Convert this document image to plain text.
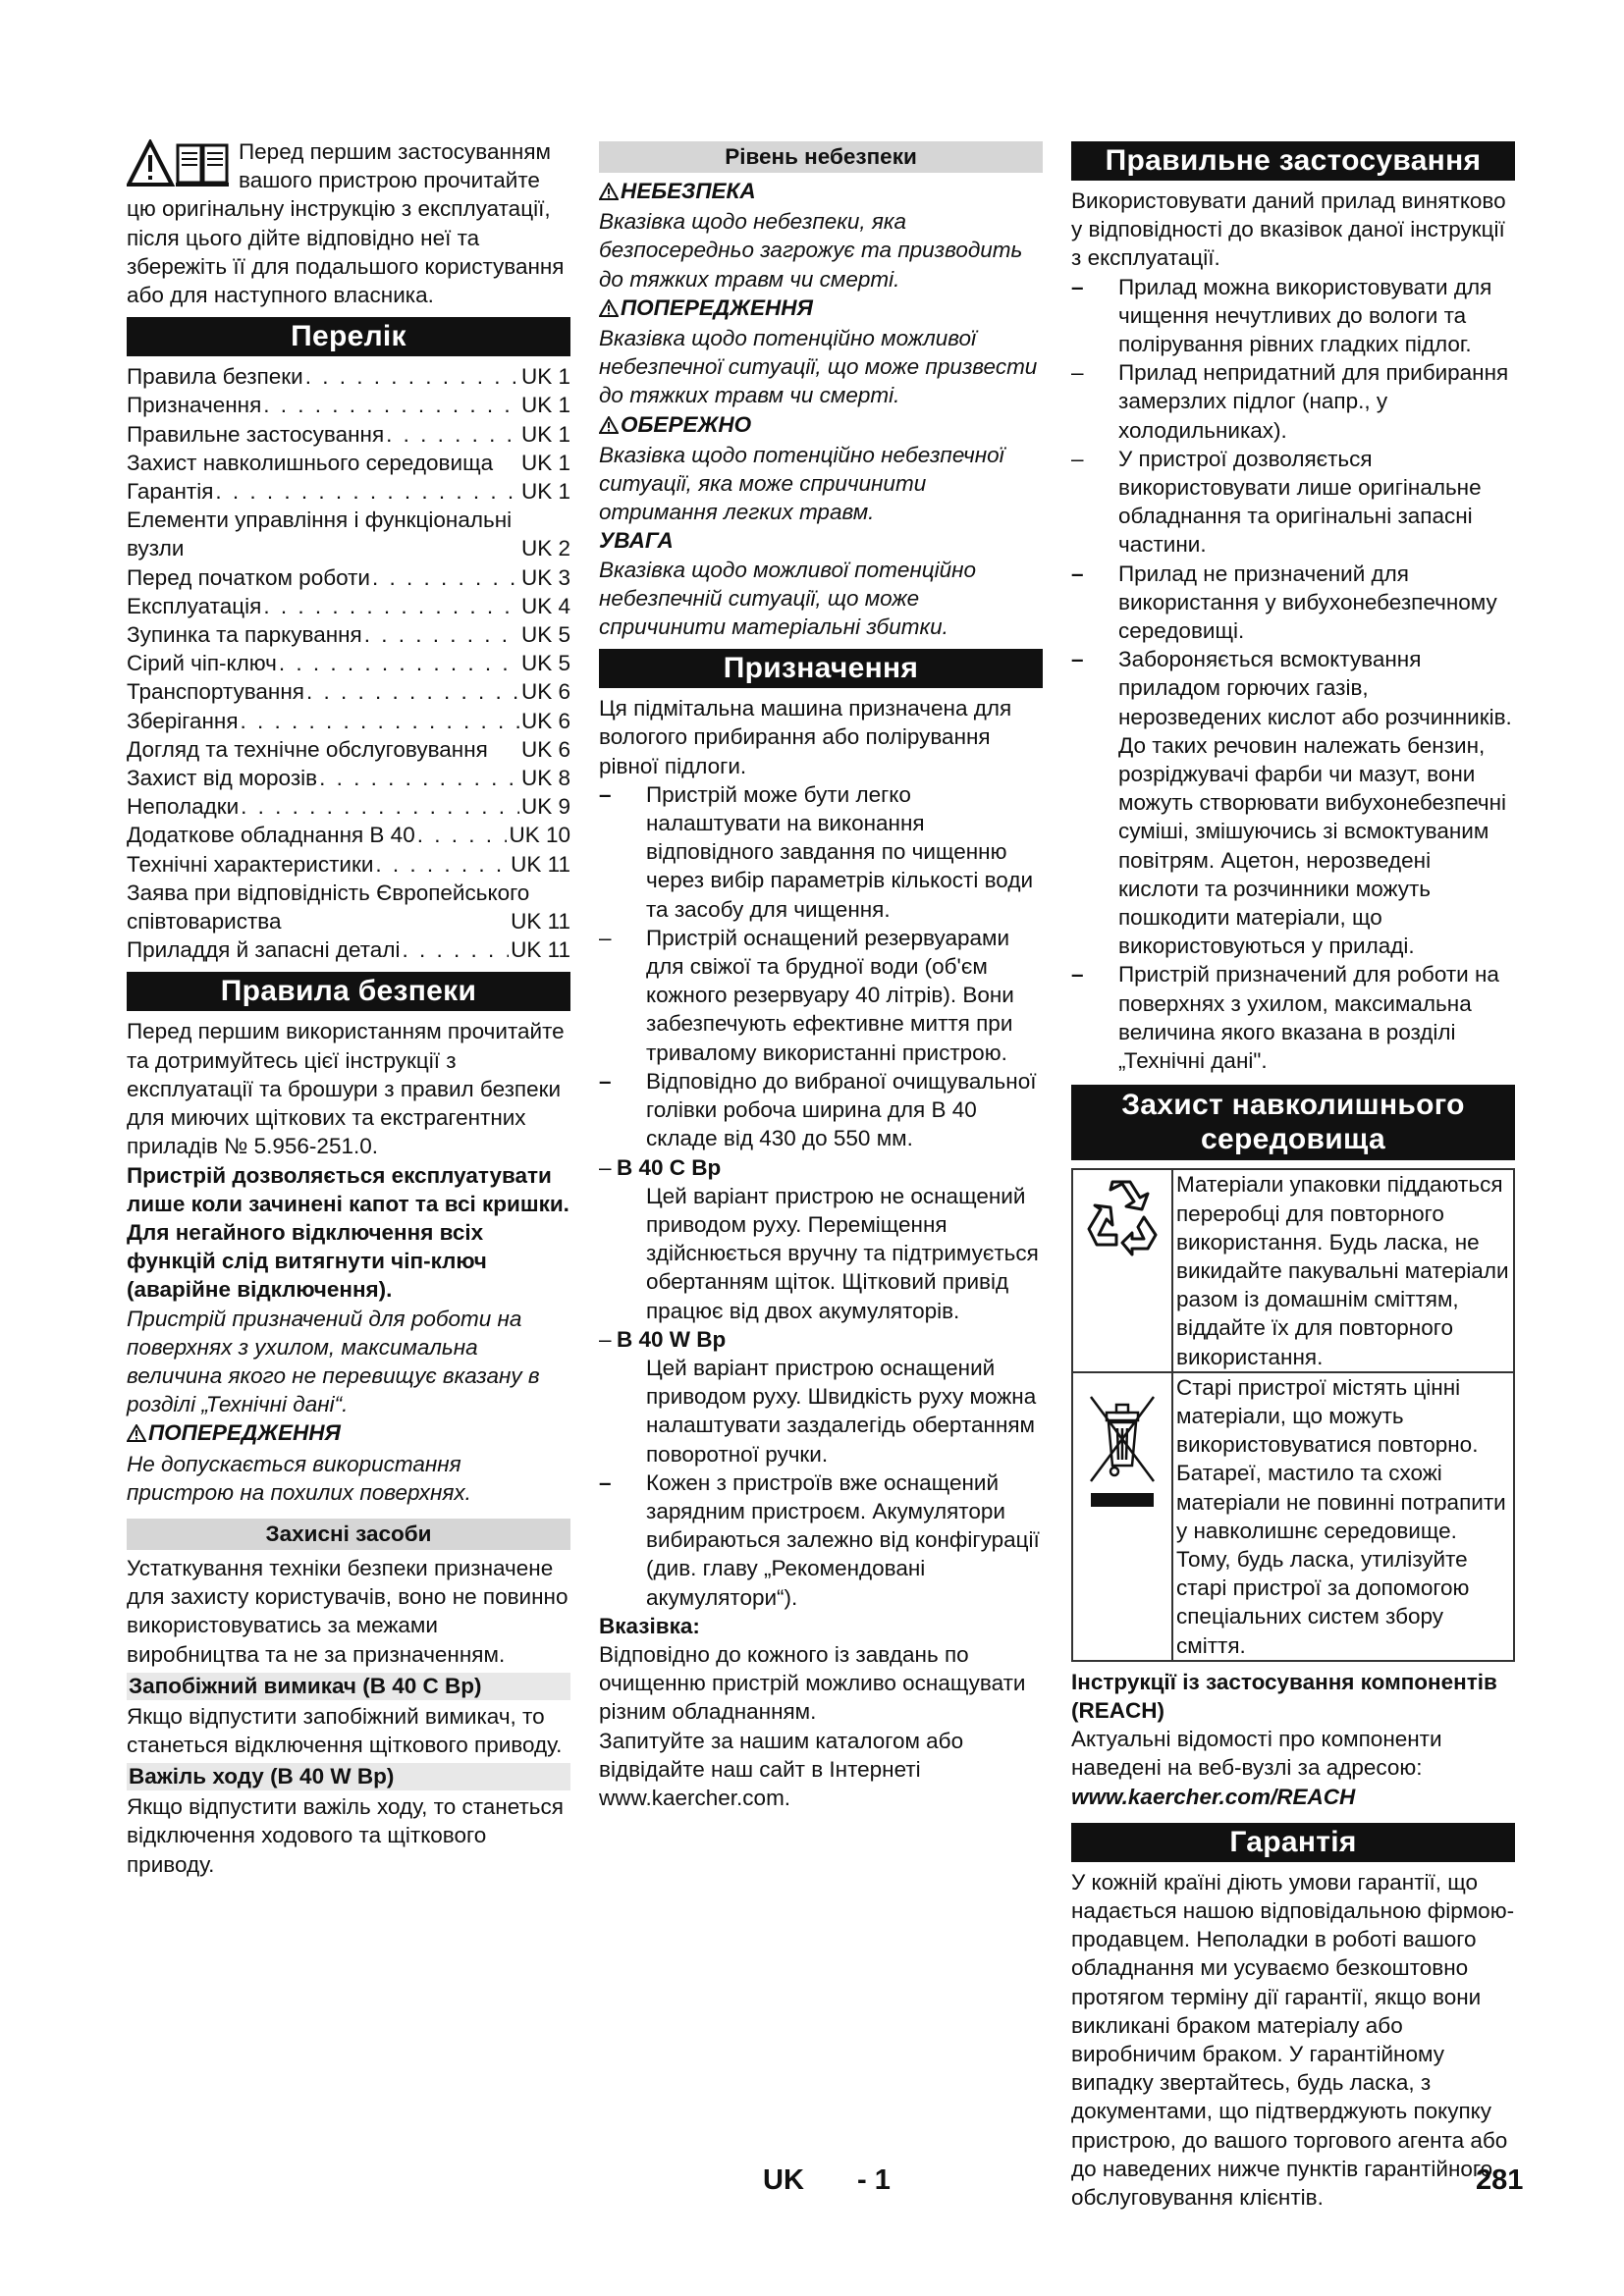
Перед першим застосуванням вашого пристрою прочитайте цю оригінальну інструкцію з експлуатації, після цього дійте відповідно неї та збережіть її для подальшого користування або для наступного власника.

Перелік
Правила безпеки . . .	UK 1
Призначення . . .	UK 1
Правильне застосування . . .	UK 1
Захист навколишнього середовища UK 1
Гарантія . . .	UK 1
Елементи управління і функціональні вузли	UK 2
Перед початком роботи . . .	UK 3
Експлуатація . . .	UK 4
Зупинка та паркування . . .	UK 5
Сірий чіп-ключ . . .	UK 5
Транспортування . . .	UK 6
Зберігання . . .	UK 6
Догляд та технічне обслуговування UK 6
Захист від морозів . . .	UK 8
Неполадки . . .	UK 9
Додаткове обладнання B 40 . . .	UK 10
Технічні характеристики . . .	UK 11
Заява при відповідність Європейського співтовариства	UK 11
Приладдя й запасні деталі . . .	UK 11
Правила безпеки

Перед першим використанням прочитайте та дотримуйтесь цієї інструкції з експлуатації та брошури з правил безпеки для миючих щіткових та екстрагентних приладів № 5.956-251.0.

Пристрій дозволяється експлуатувати лише коли зачинені капот та всі кришки.

Для негайного відключення всіх функцій слід витягнути чіп-ключ (аварійне відключення).

Пристрій призначений для роботи на поверхнях з ухилом, максимальна величина якого не перевищує вказану в розділі „Технічні дані“.

ПОПЕРЕДЖЕННЯ

Не допускається використання пристрою на похилих поверхнях.

Захисні засоби

Устаткування техніки безпеки призначене для захисту користувачів, воно не повинно використовуватись за межами виробництва та не за призначенням.

Запобіжний вимикач (B 40 C Bp)

Якщо відпустити запобіжний вимикач, то станеться відключення щіткового приводу.

Важіль ходу (B 40 W Bp)

Якщо відпустити важіль ходу, то станеться відключення ходового та щіткового приводу.

Рівень небезпеки

НЕБЕЗПЕКА

Вказівка щодо небезпеки, яка безпосередньо загрожує та призводить до тяжких травм чи смерті.

ПОПЕРЕДЖЕННЯ

Вказівка щодо потенційно можливої небезпечної ситуації, що може призвести до тяжких травм чи смерті.

ОБЕРЕЖНО

Вказівка щодо потенційно небезпечної ситуації, яка може спричинити отримання легких травм.

УВАГА

Вказівка щодо можливої потенційно небезпечній ситуації, що може спричинити матеріальні збитки.

Призначення

Ця підмітальна машина призначена для вологого прибирання або полірування рівної підлоги.

– Пристрій може бути легко налаштувати на виконання відповідного завдання по чищенню через вибір параметрів кількості води та засобу для чищення.
– Пристрій оснащений резервуарами для свіжої та брудної води (об'єм кожного резервуару 40 літрів). Вони забезпечують ефективне миття при тривалому використанні пристрою.
– Відповідно до вибраної очищувальної голівки робоча ширина для B 40 складе від 430 до 550 мм.
– B 40 C Bp
Цей варіант пристрою не оснащений приводом руху. Переміщення здійснюється вручну та підтримується обертанням щіток. Щітковий привід працює від двох акумуляторів.
– B 40 W Bp
Цей варіант пристрою оснащений приводом руху. Швидкість руху можна налаштувати заздалегідь обертанням поворотної ручки.
– Кожен з пристроїв вже оснащений зарядним пристроєм. Акумулятори вибираються залежно від конфігурації (див. главу „Рекомендовані акумулятори“).

Вказівка:

Відповідно до кожного із завдань по очищенню пристрій можливо оснащувати різним обладнанням.

Запитуйте за нашим каталогом або відвідайте наш сайт в Інтернеті www.kaercher.com.

Правильне застосування

Використовувати даний прилад винятково у відповідності до вказівок даної інструкції з експлуатації.

– Прилад можна використовувати для чищення нечутливих до вологи та полірування рівних гладких підлог.
– Прилад непридатний для прибирання замерзлих підлог (напр., у холодильниках).
– У пристрої дозволяється використовувати лише оригінальне обладнання та оригінальні запасні частини.
– Прилад не призначений для використання у вибухонебезпечному середовищі.
– Забороняється всмоктування приладом горючих газів, нерозведених кислот або розчинників.
До таких речовин належать бензин, розріджувачі фарби чи мазут, вони можуть створювати вибухонебезпечні суміші, змішуючись зі всмоктуваним повітрям. Ацетон, нерозведені кислоти та розчинники можуть пошкодити матеріали, що використовуються у приладі.
– Пристрій призначений для роботи на поверхнях з ухилом, максимальна величина якого вказана в розділі „Технічні дані".
Захист навколишнього середовища
Матеріали упаковки піддаються переробці для повторного використання. Будь ласка, не викидайте пакувальні матеріали разом із домашнім сміттям, віддайте їх для повторного використання.
Старі пристрої містять цінні матеріали, що можуть використовуватися повторно. Батареї, мастило та схожі матеріали не повинні потрапити у навколишнє середовище. Тому, будь ласка, утилізуйте старі пристрої за допомогою спеціальних систем збору сміття.

Інструкції із застосування компонентів (REACH)

Актуальні відомості про компоненти наведені на веб-вузлі за адресою:

www.kaercher.com/REACH

Гарантія

У кожній країні діють умови гарантії, що надається нашою відповідальною фірмою-продавцем. Неполадки в роботі вашого обладнання ми усуваємо безкоштовно протягом терміну дії гарантії, якщо вони викликані браком матеріалу або виробничим браком. У гарантійному випадку звертайтесь, будь ласка, з документами, що підтверджують покупку пристрою, до вашого торгового агента або до наведених нижче пунктів гарантійного обслуговування клієнтів.

UK - 1	281
